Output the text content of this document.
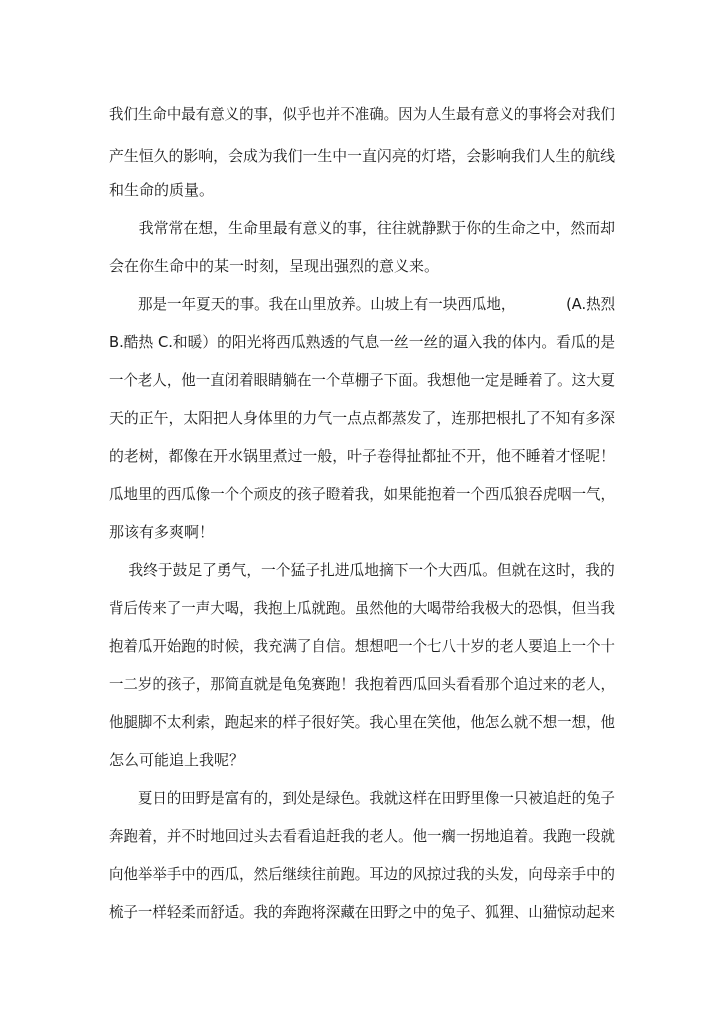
我们生命中最有意义的事，似乎也并不准确。因为人生最有意义的事将会对我们

产生恒久的影响，会成为我们一生中一直闪亮的灯塔，会影响我们人生的航线

和生命的质量。

　　我常常在想，生命里最有意义的事，往往就静默于你的生命之中，然而却

会在你生命中的某一时刻，呈现出强烈的意义来。

　　那是一年夏天的事。我在山里放养。山坡上有一块西瓜地，　　　　(A.热烈

B.酷热 C.和暖）的阳光将西瓜熟透的气息一丝一丝的逼入我的体内。看瓜的是

一个老人，他一直闭着眼睛躺在一个草棚子下面。我想他一定是睡着了。这大夏

天的正午，太阳把人身体里的力气一点点都蒸发了，连那把根扎了不知有多深

的老树，都像在开水锅里煮过一般，叶子卷得扯都扯不开，他不睡着才怪呢！

瓜地里的西瓜像一个个顽皮的孩子瞪着我，如果能抱着一个西瓜狼吞虎咽一气，

那该有多爽啊！

　 我终于鼓足了勇气，一个猛子扎进瓜地摘下一个大西瓜。但就在这时，我的

背后传来了一声大喝，我抱上瓜就跑。虽然他的大喝带给我极大的恐惧，但当我

抱着瓜开始跑的时候，我充满了自信。想想吧一个七八十岁的老人要追上一个十

一二岁的孩子，那简直就是龟兔赛跑！我抱着西瓜回头看看那个追过来的老人，

他腿脚不太利索，跑起来的样子很好笑。我心里在笑他，他怎么就不想一想，他

怎么可能追上我呢？

　　夏日的田野是富有的，到处是绿色。我就这样在田野里像一只被追赶的兔子

奔跑着，并不时地回过头去看看追赶我的老人。他一瘸一拐地追着。我跑一段就

向他举举手中的西瓜，然后继续往前跑。耳边的风掠过我的头发，向母亲手中的

梳子一样轻柔而舒适。我的奔跑将深藏在田野之中的兔子、狐狸、山猫惊动起来
